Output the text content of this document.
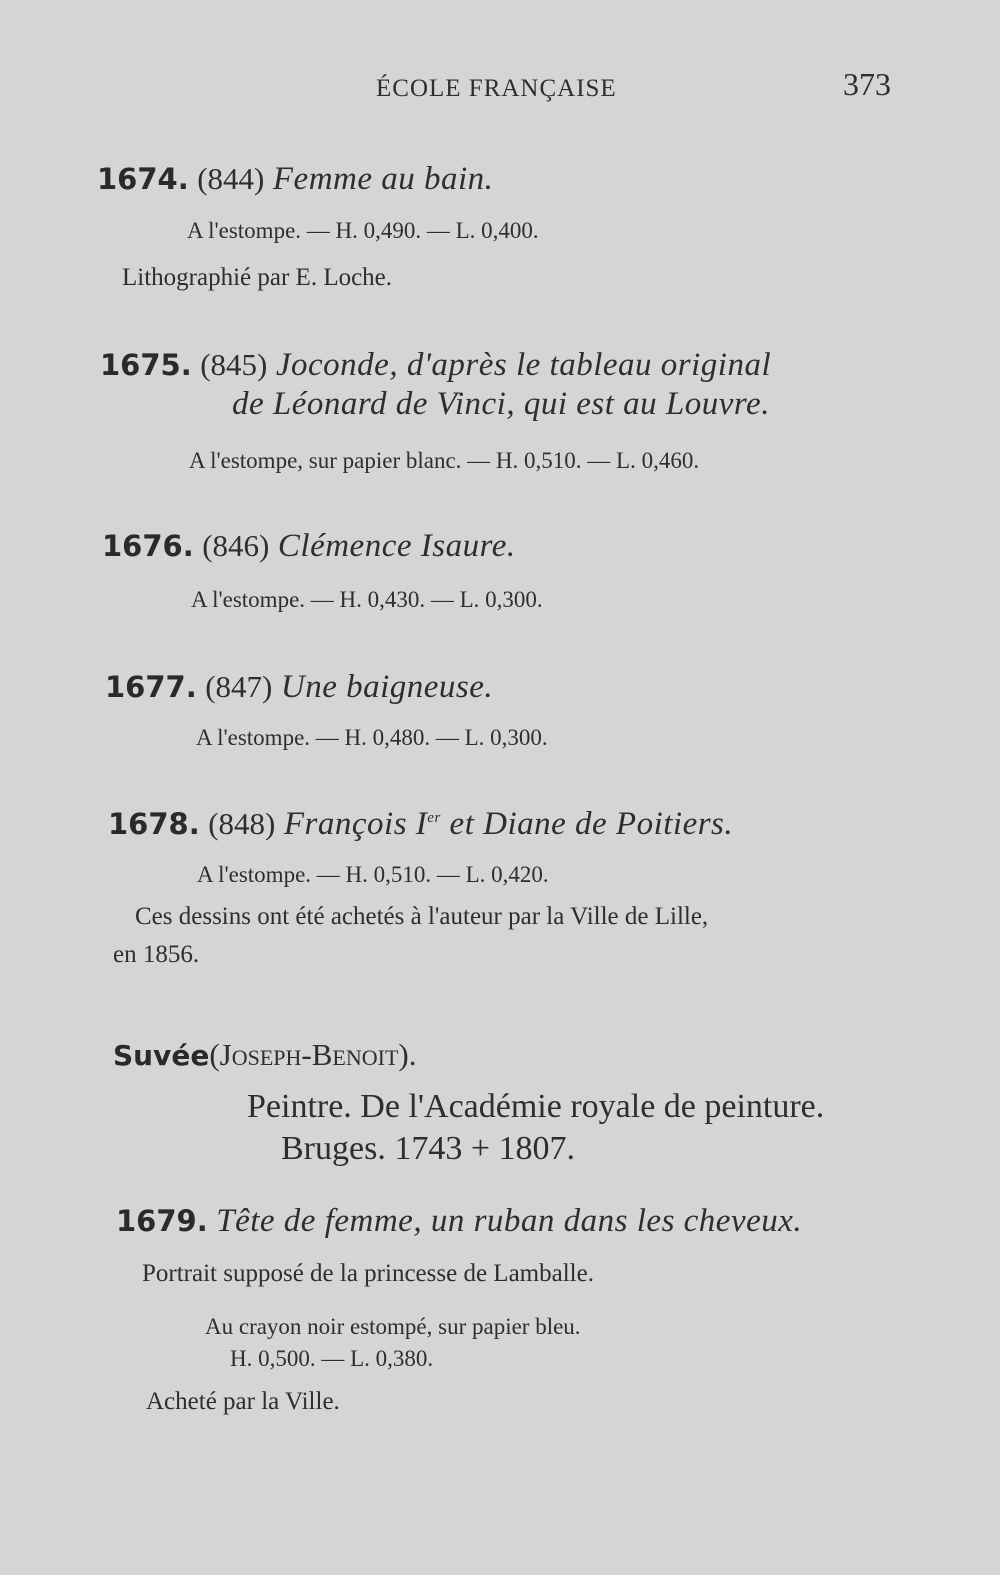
ÉCOLE FRANÇAISE	373
1674. (844) Femme au bain.
A l'estompe. — H. 0,490. — L. 0,400.
Lithographié par E. Loche.
1675. (845) Joconde, d'après le tableau original
de Léonard de Vinci, qui est au Louvre.
A l'estompe, sur papier blanc. — H. 0,510. — L. 0,460.
1676. (846) Clémence Isaure.
A l'estompe. — H. 0,430. — L. 0,300.
1677. (847) Une baigneuse.
A l'estompe. — H. 0,480. — L. 0,300.
1678. (848) François Ier et Diane de Poitiers.
A l'estompe. — H. 0,510. — L. 0,420.
Ces dessins ont été achetés à l'auteur par la Ville de Lille,
en 1856.
Suvée(Joseph-Benoit).
Peintre. De l'Académie royale de peinture.
Bruges. 1743 + 1807.
1679. Tête de femme, un ruban dans les cheveux.
Portrait supposé de la princesse de Lamballe.
Au crayon noir estompé, sur papier bleu.
H. 0,500. — L. 0,380.
Acheté par la Ville.
